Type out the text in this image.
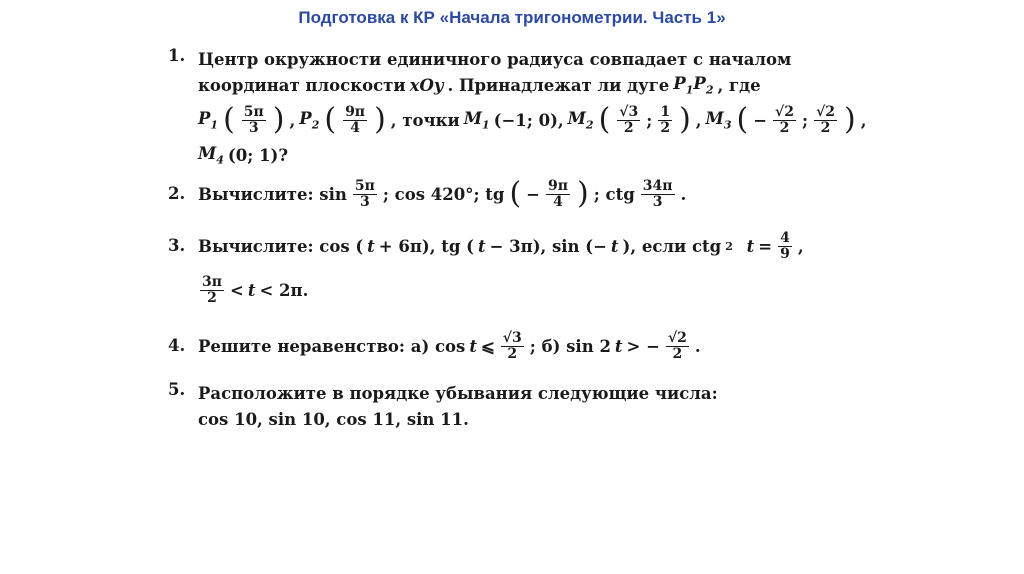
Подготовка к КР «Начала тригонометрии. Часть 1»
1. Центр окружности единичного радиуса совпадает с началом
координат плоскости xOy . Принадлежат ли дуге $P_1P_2$ , где
$P_1$ ( $\frac{5\pi}{3}$ ) , $P_2$ ( $\frac{9\pi}{4}$ ) , точки $M_1$ (−1; 0), $M_2$ ( $\frac{√3}{2}$ ; $\frac{1}{2}$ ) , $M_3$ ( − $\frac{√2}{2}$ ; $\frac{√2}{2}$ ) ,
$M_4$ (0; 1)?
2. Вычислите: $\sin \frac{5\pi}{3}$ ; cos 420°; tg ( − $\frac{9\pi}{4}$ ) ; ctg $\frac{34\pi}{3}$ .
3. Вычислите: cos ( t + 6π), tg ( t − 3π), sin (− t ), если ctg 2
$t = \frac{4}{9}$ ,
$\frac{3\pi}{2} < t < 2\pi$.
4. Решите неравенство: а) cos t ⩽ $\frac{√3}{2}$ ; б) sin 2 t > − $\frac{√2}{2}$ .
5. Расположите в порядке убывания следующие числа:
cos 10, sin 10, cos 11, sin 11.
